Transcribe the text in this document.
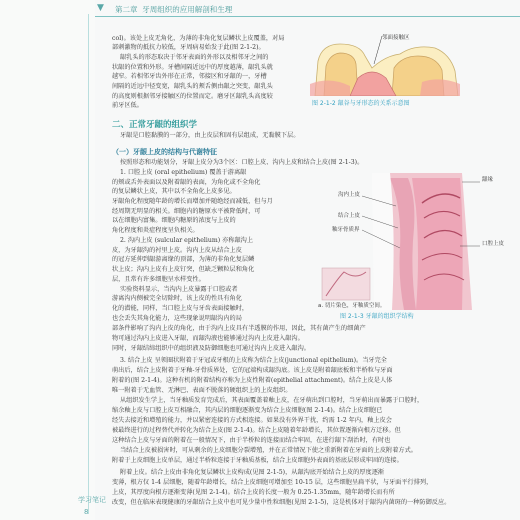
学习笔记
8
▼ 第二章 牙周组织的应用解剖和生理
col)。该处上皮无角化，为薄的非角化复层鳞状上皮覆盖，对局
部刺激物的抵抗力较低，牙周病易始发于此(图 2-1-2)。
龈乳头的形态取决于邻牙表面的外形以及相邻牙之间的
状龈的位置和外形。牙槽间隔近远中的厚度越薄，龈乳头就
越窄。若相邻牙齿外形在正常，邻接区和牙龈的一，牙槽
间隔的近远中径变宽，龈乳头的颊舌侧由龈之突变，龈乳头
的高度则根据邻牙接触区的位置而定。磨牙区龈乳头高度较
前牙区低。
邻面接触区
图 2-1-2 龈谷与牙形态的关系示意图
二、正常牙龈的组织学
牙龈是口腔黏膜的一部分，由上皮层和固有层组成，无黏膜下层。
（一）牙龈上皮的结构与代谢特征
按照形态和功能划分，牙龈上皮分为3个区：口腔上皮、沟内上皮和结合上皮(图 2-1-3)。
1. 口腔上皮 (oral epithelium) 覆盖于游离龈
的颊或舌外表面以及附着龈的表面，为角化或不全角化
的复层鳞状上皮，其中以不全角化上皮多见。
牙龈角化程度随年龄的增长而增加并随绝经而减低，但与月
经周期无明显的相关。细胞内的糖原水平被降低时，可
以在细胞内富集。细胞内糖原的浓度与上皮的
角化程度和炎症程度呈负相关。
2. 沟内上皮 (sulcular epithelium) 亦称龈沟上
皮，为牙龈沟的衬里上皮。沟内上皮从结合上皮
的冠方延伸到龈游离缘的顶部，为薄的非角化复层鳞
状上皮；沟内上皮有上皮钉突，但缺乏颗粒层和角化
层，且常有许多细胞呈水样变性。
实验资料显示，当沟内上皮暴露于口腔或者
游离沟内侧被完全切除时，该上皮的性具有角化
化的潜能，同样，当口腔上皮与牙齿表面接触时，
也会丢失其角化能力，这些现象说明龈沟内的局
部条件影响了沟内上皮的角化，由于沟内上皮具有半透膜的作用，因此，其有菌产生的细菌产
物可通过沟内上皮进入牙龈，而龈沟液也能够通过沟内上皮进入龈沟。
同时，牙龈结缔组织中的组织液及防御细胞也可通过沟内上皮进入龈沟。
沟内上皮
结合上皮
釉牙骨质界
龈缘
口腔上皮
a. 切片染色，牙釉质空间。
图 2-1-3 牙龈的组织学结构
3. 结合上皮 呈领圈状附着于牙冠或牙根的上皮称为结合上皮(junctional epithelium)。当牙完全
萌出后，结合上皮附着于牙釉-牙骨质界处，它的冠端构成龈沟底。该上皮是附着龈底板和半桥粒与牙面
附着的(图 2-1-4)。这种有机的附着结构亦称为上皮性附着(epithelial attachment)。结合上皮是人体
唯一附着于无血管、无淋巴、表面不脱落的硬组织上的上皮组织。
从组织发生学上，当牙釉质发育完成后，其表面覆盖着釉上皮，在牙萌出到口腔时，当牙萌出而暴露于口腔时，
缩余釉上皮与口腔上皮互相融合，其内层的细胞逐渐变为结合上皮细胞(图 2-1-4)。结合上皮细胞已
经失去接近和增殖的能力，并以紧密连接的方式相连接。如果没有外界干扰，约需 1-2 年内，釉上皮会
被最终进行的过程替代并转化为结合上皮(图 2-1-4)。结合上皮随着年龄增长，其位置逐渐向根方迁移。但
这种结合上皮与牙面的附着在一般情况下，由于半桥粒的连接而结合牢固，在进行龈下刮治时，有时也
当结合上皮被损害时，可从剩余的上皮细胞分裂增殖，并在正常情况下使之重新附着在牙面的上皮附着方式。
附着于上皮细胞上皮单层，通过半桥粒连接于牙釉质基板，结合上皮细胞外表面的基底层形成牢固的连接。
附着上皮。结合上皮由非角化复层鳞状上皮构成(见图 2-1-5)，从龈沟底开始结合上皮的厚度逐渐
变薄，根方仅 1-4 层细胞，随着年龄增长，结合上皮细胞可增加至 10-15 层，这些细胞呈扁平状，与牙面平行排列，
上皮，其厚度向根方逐渐变薄(见图 2-1-4)。结合上皮的长度一般为 0.25-1.35mm，随年龄增长而有所
改变，但在临床表现健康的牙龈结合上皮中也可见少量中性粒细胞(见图 2-1-5)，这是机体对于龈沟内菌斑的一种防御反应。
